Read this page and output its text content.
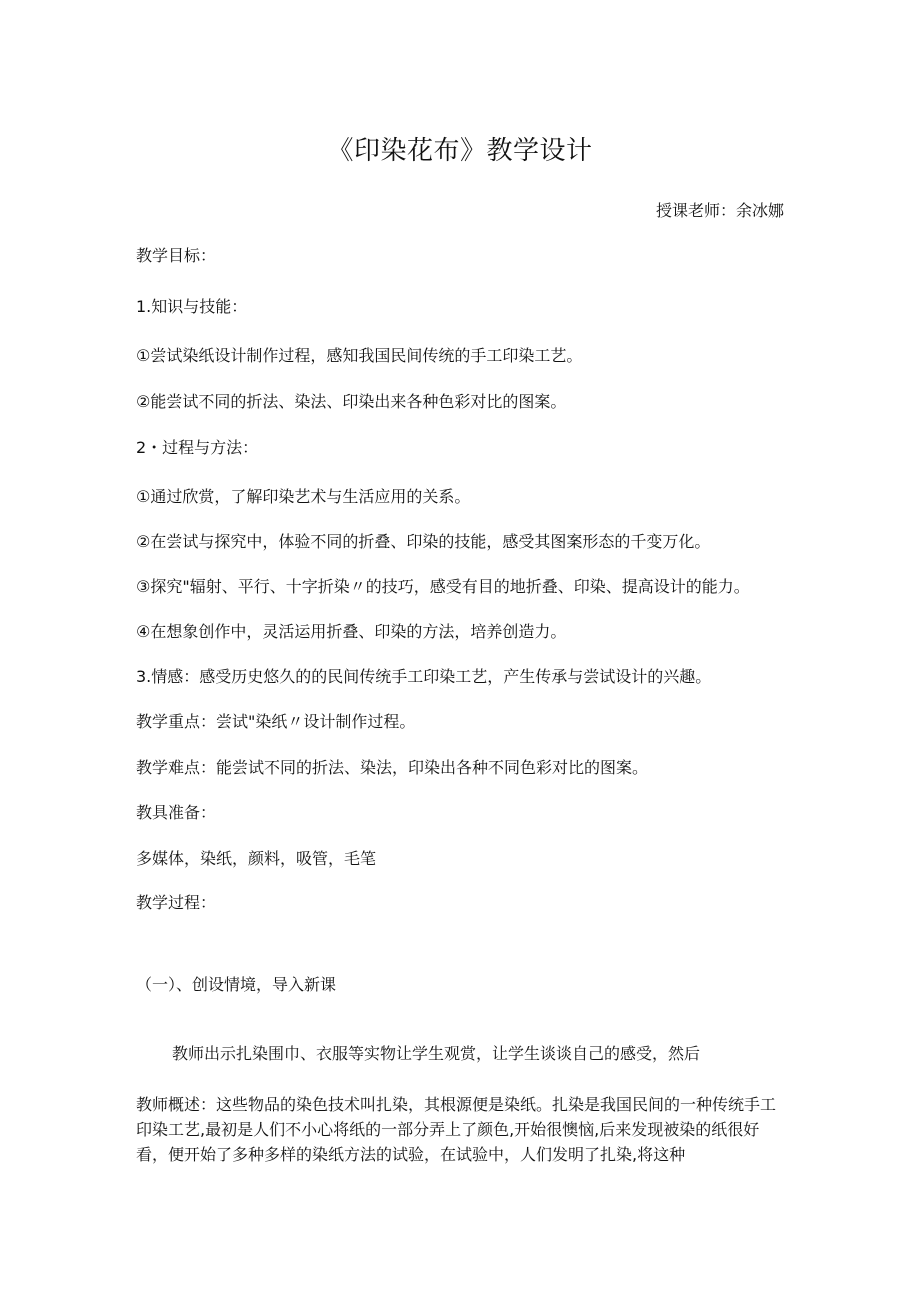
《印染花布》教学设计

授课老师：余冰娜

教学目标：

1.知识与技能：

①尝试染纸设计制作过程，感知我国民间传统的手工印染工艺。

②能尝试不同的折法、染法、印染出来各种色彩对比的图案。

2・过程与方法：

①通过欣赏，了解印染艺术与生活应用的关系。

②在尝试与探究中，体验不同的折叠、印染的技能，感受其图案形态的千变万化。

③探究"辐射、平行、十字折染〃的技巧，感受有目的地折叠、印染、提高设计的能力。

④在想象创作中，灵活运用折叠、印染的方法，培养创造力。

3.情感：感受历史悠久的的民间传统手工印染工艺，产生传承与尝试设计的兴趣。

教学重点：尝试"染纸〃设计制作过程。

教学难点：能尝试不同的折法、染法，印染出各种不同色彩对比的图案。

教具准备：

多媒体，染纸，颜料，吸管，毛笔

教学过程：

（一）、创设情境，导入新课

教师出示扎染围巾、衣服等实物让学生观赏，让学生谈谈自己的感受，然后

教师概述：这些物品的染色技术叫扎染，其根源便是染纸。扎染是我国民间的一种传统手工印染工艺,最初是人们不小心将纸的一部分弄上了颜色,开始很懊恼,后来发现被染的纸很好看，便开始了多种多样的染纸方法的试验，在试验中，人们发明了扎染,将这种
